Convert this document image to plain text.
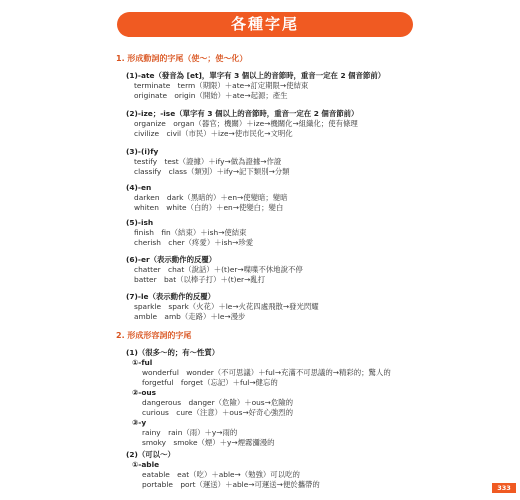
各種字尾
1. 形成動詞的字尾（使～；使～化）
(1)-ate（發音為 [et]，單字有 3 個以上的音節時，重音一定在 2 個音節前）
terminate　term（期限）＋ate→訂定期限→使結束
originate　origin（開始）＋ate→起源；產生
(2)-ize；-ise（單字有 3 個以上的音節時，重音一定在 2 個音節前）
organize　organ（器官；機關）＋ize→機關化→組織化；使有條理
civilize　civil（市民）＋ize→使市民化→文明化
(3)-(i)fy
testify　test（證據）＋ify→做為證據→作證
classify　class（類別）＋ify→記下類別→分類
(4)-en
darken　dark（黑暗的）＋en→使變暗；變暗
whiten　white（白的）＋en→使變白；變白
(5)-ish
finish　fin（結束）＋ish→使結束
cherish　cher（疼愛）＋ish→珍愛
(6)-er（表示動作的反覆）
chatter　chat（說話）＋(t)er→喋喋不休地說不停
batter　bat（以棒子打）＋(t)er→亂打
(7)-le（表示動作的反覆）
sparkle　spark（火花）＋le→火花四處飛散→發光閃耀
amble　amb（走路）＋le→漫步
2. 形成形容詞的字尾
(1)（很多～的；有～性質）
①-ful
wonderful　wonder（不可思議）＋ful→充滿不可思議的→精彩的；驚人的
forgetful　forget（忘記）＋ful→健忘的
②-ous
dangerous　danger（危險）＋ous→危險的
curious　cure（注意）＋ous→好奇心強烈的
③-y
rainy　rain（雨）＋y→雨的
smoky　smoke（煙）＋y→煙霧瀰漫的
(2)（可以～）
①-able
eatable　eat（吃）＋able→（勉強）可以吃的
portable　port（運送）＋able→可運送→便於攜帶的	333
